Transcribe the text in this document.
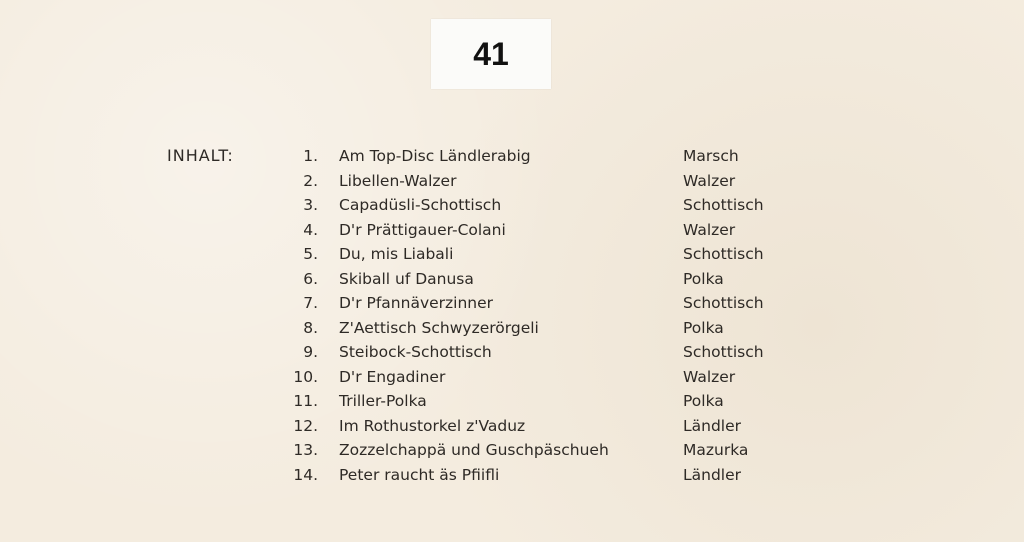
41
INHALT:	1. Am Top-Disc Ländlerabig	Marsch
2. Libellen-Walzer	Walzer
3. Capadüsli-Schottisch	Schottisch
4. D'r Prättigauer-Colani	Walzer
5. Du, mis Liabali	Schottisch
6. Skiball uf Danusa	Polka
7. D'r Pfannäverzinner	Schottisch
8. Z'Aettisch Schwyzerörgeli	Polka
9. Steibock-Schottisch	Schottisch
10. D'r Engadiner	Walzer
11. Triller-Polka	Polka
12. Im Rothustorkel z'Vaduz	Ländler
13. Zozzelchappä und Guschpäschueh	Mazurka
14. Peter raucht äs Pfiifli	Ländler
